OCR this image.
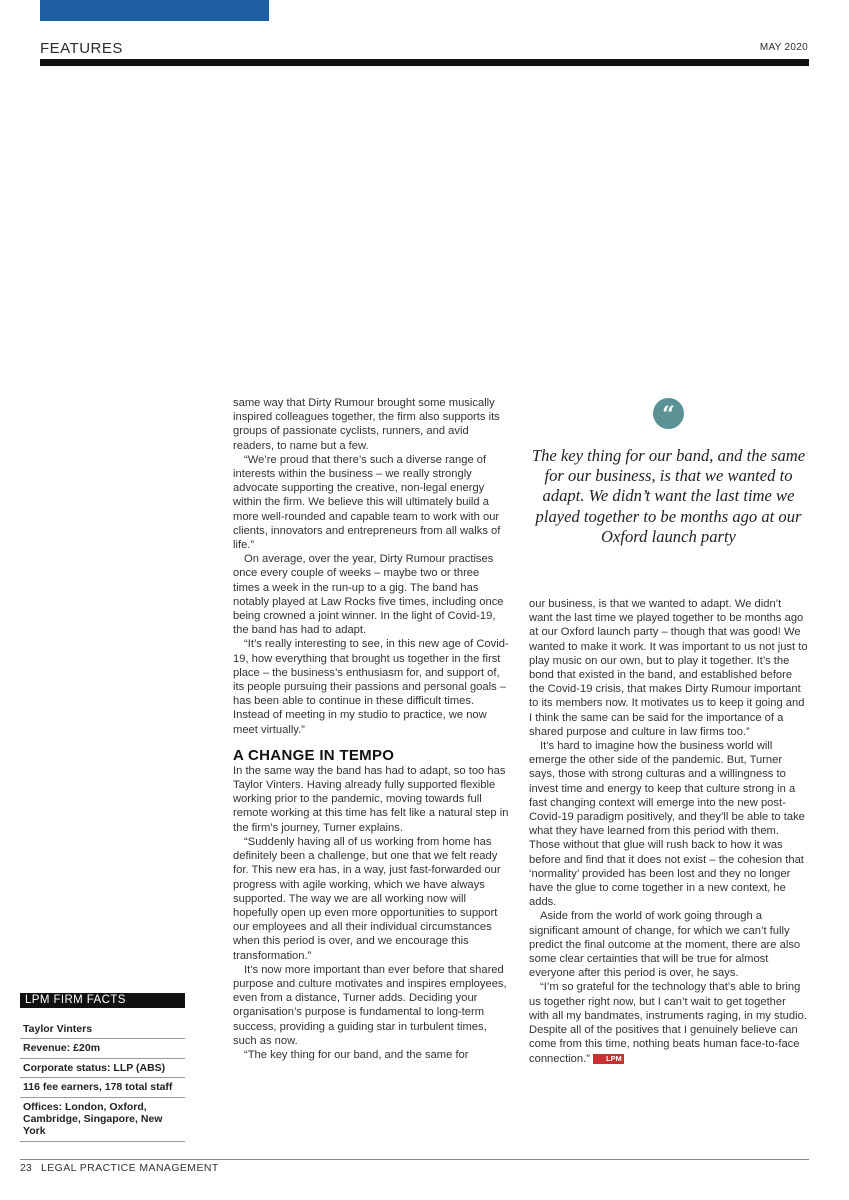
FEATURES	MAY 2020

same way that Dirty Rumour brought some musically inspired colleagues together, the firm also supports its groups of passionate cyclists, runners, and avid readers, to name but a few.

“We’re proud that there’s such a diverse range of interests within the business – we really strongly advocate supporting the creative, non-legal energy within the firm. We believe this will ultimately build a more well-rounded and capable team to work with our clients, innovators and entrepreneurs from all walks of life.”

On average, over the year, Dirty Rumour practises once every couple of weeks – maybe two or three times a week in the run-up to a gig. The band has notably played at Law Rocks five times, including once being crowned a joint winner. In the light of Covid-19, the band has had to adapt.

“It’s really interesting to see, in this new age of Covid-19, how everything that brought us together in the first place – the business’s enthusiasm for, and support of, its people pursuing their passions and personal goals – has been able to continue in these difficult times. Instead of meeting in my studio to practice, we now meet virtually.”

A CHANGE IN TEMPO

In the same way the band has had to adapt, so too has Taylor Vinters. Having already fully supported flexible working prior to the pandemic, moving towards full remote working at this time has felt like a natural step in the firm’s journey, Turner explains.

“Suddenly having all of us working from home has definitely been a challenge, but one that we felt ready for. This new era has, in a way, just fast-forwarded our progress with agile working, which we have always supported. The way we are all working now will hopefully open up even more opportunities to support our employees and all their individual circumstances when this period is over, and we encourage this transformation.”

It’s now more important than ever before that shared purpose and culture motivates and inspires employees, even from a distance, Turner adds. Deciding your organisation’s purpose is fundamental to long-term success, providing a guiding star in turbulent times, such as now.

“The key thing for our band, and the same for

“
The key thing for our band, and the same for our business, is that we wanted to adapt. We didn’t want the last time we played together to be months ago at our Oxford launch party

our business, is that we wanted to adapt. We didn’t want the last time we played together to be months ago at our Oxford launch party – though that was good! We wanted to make it work. It was important to us not just to play music on our own, but to play it together. It’s the bond that existed in the band, and established before the Covid-19 crisis, that makes Dirty Rumour important to its members now. It motivates us to keep it going and I think the same can be said for the importance of a shared purpose and culture in law firms too.”

It’s hard to imagine how the business world will emerge the other side of the pandemic. But, Turner says, those with strong culturas and a willingness to invest time and energy to keep that culture strong in a fast changing context will emerge into the new post-Covid-19 paradigm positively, and they’ll be able to take what they have learned from this period with them. Those without that glue will rush back to how it was before and find that it does not exist – the cohesion that ‘normality’ provided has been lost and they no longer have the glue to come together in a new context, he adds.

Aside from the world of work going through a significant amount of change, for which we can’t fully predict the final outcome at the moment, there are also some clear certainties that will be true for almost everyone after this period is over, he says.

“I’m so grateful for the technology that’s able to bring us together right now, but I can’t wait to get together with all my bandmates, instruments raging, in my studio. Despite all of the positives that I genuinely believe can come from this time, nothing beats human face-to-face connection.” LPM

LPM FIRM FACTS
Taylor Vinters
Revenue: £20m
Corporate status: LLP (ABS)
116 fee earners, 178 total staff
Offices: London, Oxford, Cambridge, Singapore, New York
23 LEGAL PRACTICE MANAGEMENT
